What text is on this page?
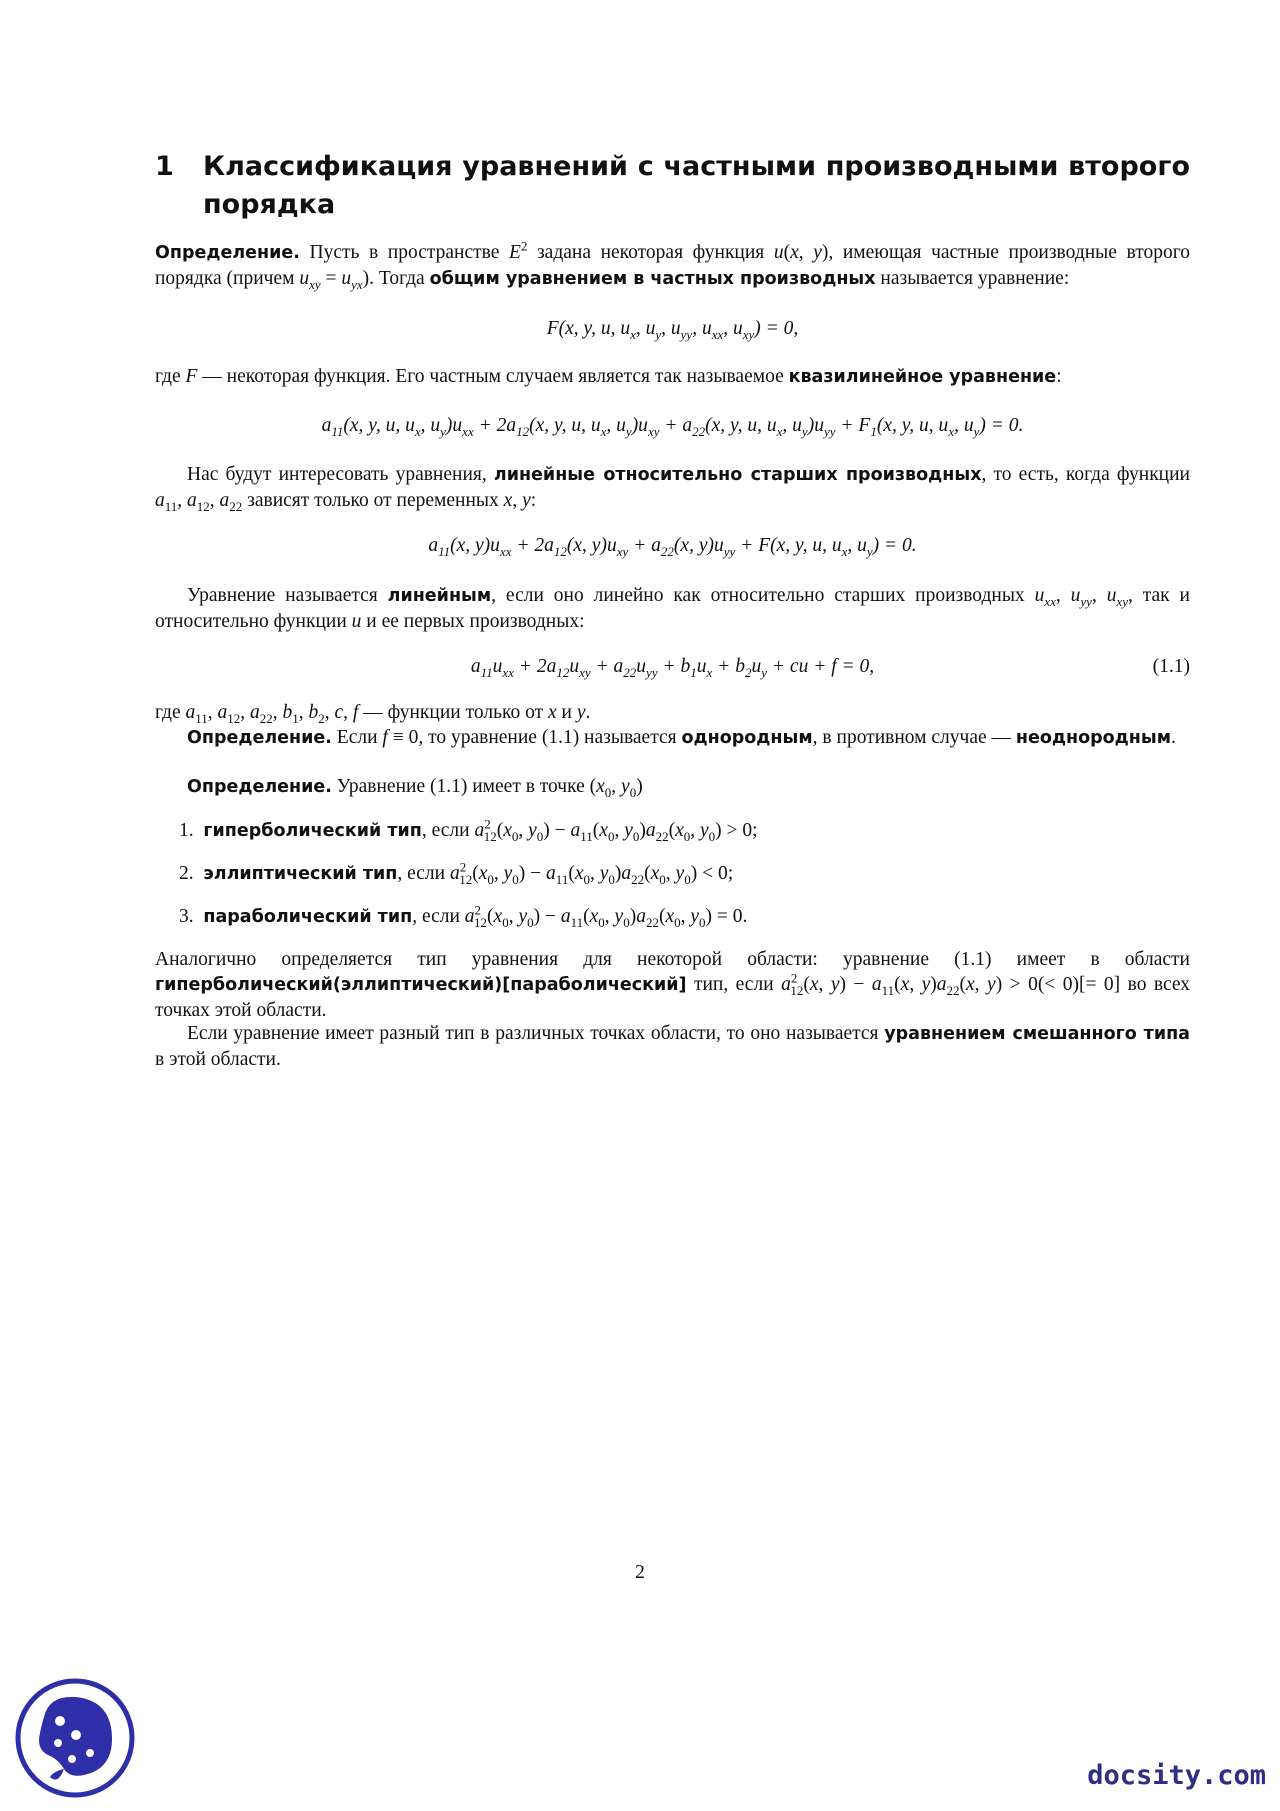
1	Классификация уравнений с частными производными второго порядка

Определение. Пусть в пространстве $E^2$ задана некоторая функция u(x, y), имеющая частные производные второго порядка (причем $u_{xy} = u_{yx}$). Тогда общим уравнением в частных производных называется уравнение:

F(x, y, u, $u_x$, $u_y$, $u_{yy}$, $u_{xx}$, $u_{xy}) = 0$,

где F — некоторая функция. Его частным случаем является так называемое квазилинейное уравнение:

$a_{11}(x$, y, u, $u_x$, $u_y)u_{xx} + 2a_{12}(x$, y, u, $u_x$, $u_y)u_{xy} + a_{22}(x$, y, u, $u_x$, $u_y)u_{yy} + F_1(x$, y, u, $u_x$, $u_y) = 0$.

Нас будут интересовать уравнения, линейные относительно старших производных, то есть, когда функции $a_{11}$, $a_{12}$, $a_{22}$ зависят только от переменных x, y:

$a_{11}(x$, $y)u_{xx} + 2a_{12}(x$, $y)u_{xy} + a_{22}(x$, $y)u_{yy} + F(x$, y, u, $u_x$, $u_y) = 0$.

Уравнение называется линейным, если оно линейно как относительно старших производных $u_{xx}$, $u_{yy}$, $u_{xy}$, так и относительно функции u и ее первых производных:

$a_{11}u_{xx} + 2a_{12}u_{xy} + a_{22}u_{yy} + b_1u_x + b_2u_y$ + cu + f = 0,	(1.1)

где $a_{11}$, $a_{12}$, $a_{22}$, $b_1$, $b_2$, c, f — функции только от x и y.

Определение. Если f ≡ 0, то уравнение (1.1) называется однородным, в противном случае — неоднородным.

Определение. Уравнение (1.1) имеет в точке ($x_0$, $y_0$)

1. гиперболический тип, если $a^2_{12}(x_0$, $y_0) - a_{11}(x_0$, $y_0)a_{22}(x_0$, $y_0) > 0$;
2. эллиптический тип, если $a^2_{12}(x_0$, $y_0) - a_{11}(x_0$, $y_0)a_{22}(x_0$, $y_0) < 0$;
3. параболический тип, если $a^2_{12}(x_0$, $y_0) - a_{11}(x_0$, $y_0)a_{22}(x_0$, $y_0) = 0$.

Аналогично определяется тип уравнения для некоторой области: уравнение (1.1) имеет в области гиперболический(эллиптический)[параболический] тип, если $a^2_{12}(x$, $y) - a_{11}(x$, $y)a_{22}(x$, y) > 0(< 0)[= 0] во всех точках этой области.

Если уравнение имеет разный тип в различных точках области, то оно называется уравнением смешанного типа в этой области.

2
docsity.com
